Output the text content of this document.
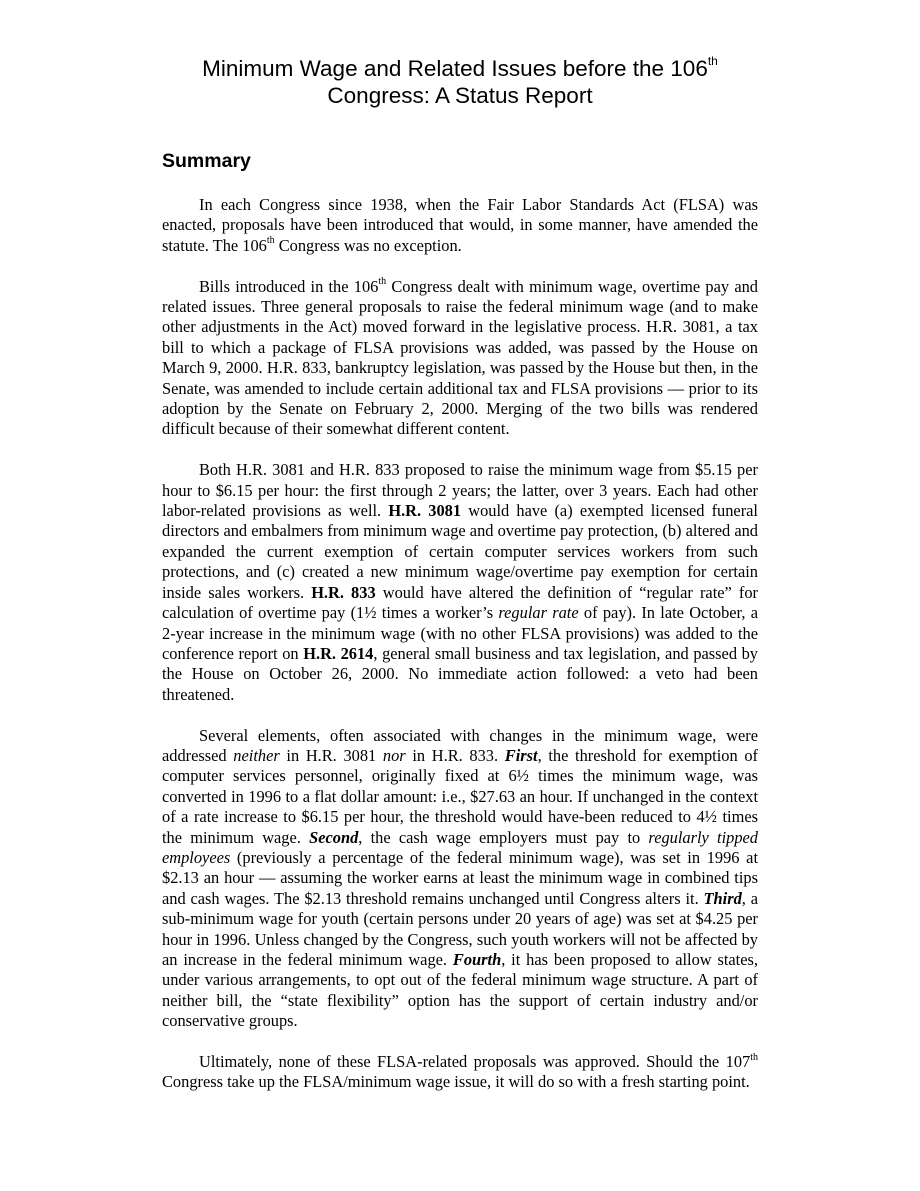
Minimum Wage and Related Issues before the 106th
Congress: A Status Report
Summary

In each Congress since 1938, when the Fair Labor Standards Act (FLSA) was enacted, proposals have been introduced that would, in some manner, have amended the statute. The 106th Congress was no exception.

Bills introduced in the 106th Congress dealt with minimum wage, overtime pay and related issues. Three general proposals to raise the federal minimum wage (and to make other adjustments in the Act) moved forward in the legislative process. H.R. 3081, a tax bill to which a package of FLSA provisions was added, was passed by the House on March 9, 2000. H.R. 833, bankruptcy legislation, was passed by the House but then, in the Senate, was amended to include certain additional tax and FLSA provisions — prior to its adoption by the Senate on February 2, 2000. Merging of the two bills was rendered difficult because of their somewhat different content.

Both H.R. 3081 and H.R. 833 proposed to raise the minimum wage from $5.15 per hour to $6.15 per hour: the first through 2 years; the latter, over 3 years. Each had other labor-related provisions as well. H.R. 3081 would have (a) exempted licensed funeral directors and embalmers from minimum wage and overtime pay protection, (b) altered and expanded the current exemption of certain computer services workers from such protections, and (c) created a new minimum wage/overtime pay exemption for certain inside sales workers. H.R. 833 would have altered the definition of “regular rate” for calculation of overtime pay (1½ times a worker’s regular rate of pay). In late October, a 2-year increase in the minimum wage (with no other FLSA provisions) was added to the conference report on H.R. 2614, general small business and tax legislation, and passed by the House on October 26, 2000. No immediate action followed: a veto had been threatened.

Several elements, often associated with changes in the minimum wage, were addressed neither in H.R. 3081 nor in H.R. 833. First, the threshold for exemption of computer services personnel, originally fixed at 6½ times the minimum wage, was converted in 1996 to a flat dollar amount: i.e., $27.63 an hour. If unchanged in the context of a rate increase to $6.15 per hour, the threshold would have-been reduced to 4½ times the minimum wage. Second, the cash wage employers must pay to regularly tipped employees (previously a percentage of the federal minimum wage), was set in 1996 at $2.13 an hour — assuming the worker earns at least the minimum wage in combined tips and cash wages. The $2.13 threshold remains unchanged until Congress alters it. Third, a sub-minimum wage for youth (certain persons under 20 years of age) was set at $4.25 per hour in 1996. Unless changed by the Congress, such youth workers will not be affected by an increase in the federal minimum wage. Fourth, it has been proposed to allow states, under various arrangements, to opt out of the federal minimum wage structure. A part of neither bill, the “state flexibility” option has the support of certain industry and/or conservative groups.

Ultimately, none of these FLSA-related proposals was approved. Should the 107th Congress take up the FLSA/minimum wage issue, it will do so with a fresh starting point.
